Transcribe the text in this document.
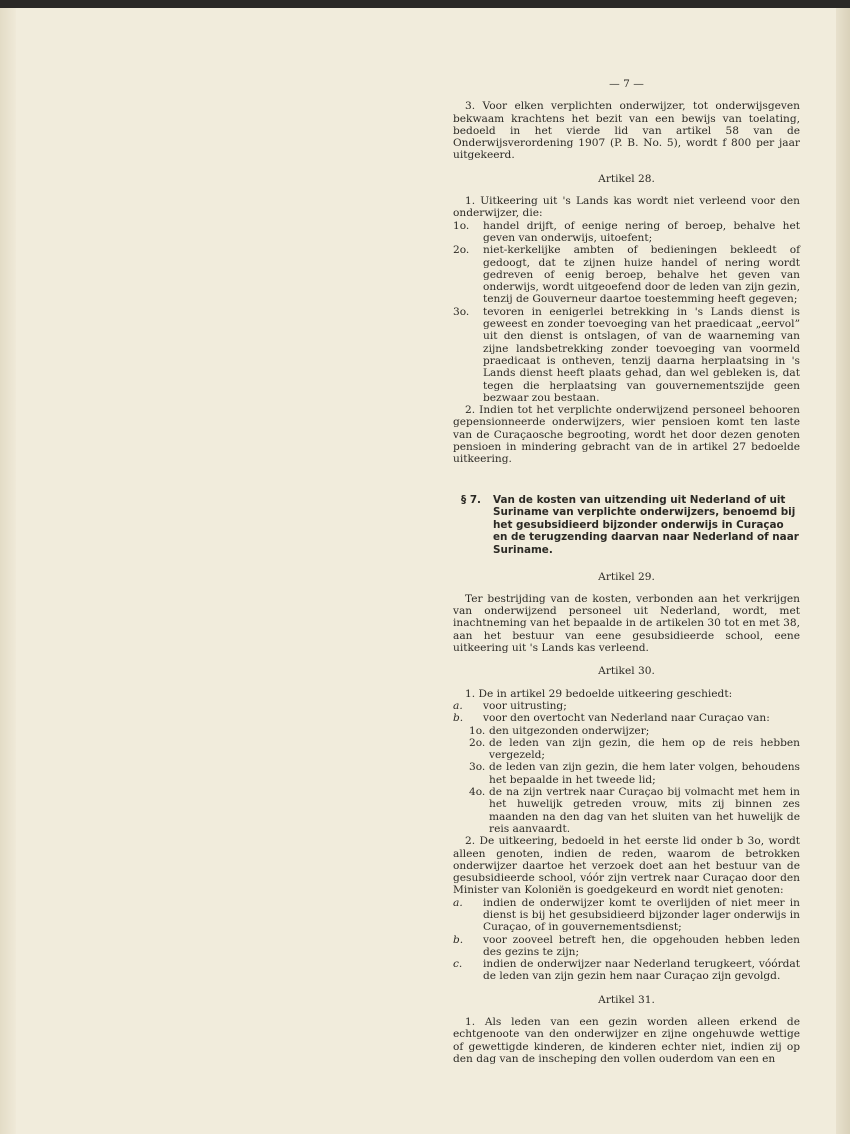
— 7 —

3. Voor elken verplichten onderwijzer, tot onderwijsgeven bekwaam krachtens het bezit van een bewijs van toelating, bedoeld in het vierde lid van artikel 58 van de Onderwijsverordening 1907 (P. B. No. 5), wordt f 800 per jaar uitgekeerd.

Artikel 28.

1. Uitkeering uit 's Lands kas wordt niet verleend voor den onderwijzer, die:

1o.	handel drijft, of eenige nering of beroep, behalve het geven van onderwijs, uitoefent;
2o.	niet-kerkelijke ambten of bedieningen bekleedt of gedoogt, dat te zijnen huize handel of nering wordt gedreven of eenig beroep, behalve het geven van onderwijs, wordt uitgeoefend door de leden van zijn gezin, tenzij de Gouverneur daartoe toestemming heeft gegeven;
3o.	tevoren in eenigerlei betrekking in 's Lands dienst is geweest en zonder toevoeging van het praedicaat „eervol” uit den dienst is ontslagen, of van de waarneming van zijne landsbetrekking zonder toevoeging van voormeld praedicaat is ontheven, tenzij daarna herplaatsing in 's Lands dienst heeft plaats gehad, dan wel gebleken is, dat tegen die herplaatsing van gouvernementszijde geen bezwaar zou bestaan.

2. Indien tot het verplichte onderwijzend personeel behooren gepensionneerde onderwijzers, wier pensioen komt ten laste van de Curaçaosche begrooting, wordt het door dezen genoten pensioen in mindering gebracht van de in artikel 27 bedoelde uitkeering.

§ 7.	Van de kosten van uitzending uit Nederland of uit Suriname van verplichte onderwijzers, benoemd bij het gesubsidieerd bijzonder onderwijs in Curaçao en de terugzending daarvan naar Nederland of naar Suriname.
Artikel 29.

Ter bestrijding van de kosten, verbonden aan het verkrijgen van onderwijzend personeel uit Nederland, wordt, met inachtneming van het bepaalde in de artikelen 30 tot en met 38, aan het bestuur van eene gesubsidieerde school, eene uitkeering uit 's Lands kas verleend.

Artikel 30.

1. De in artikel 29 bedoelde uitkeering geschiedt:

a.	voor uitrusting;
b.	voor den overtocht van Nederland naar Curaçao van:
1o. den uitgezonden onderwijzer;
2o. de leden van zijn gezin, die hem op de reis hebben vergezeld;
3o. de leden van zijn gezin, die hem later volgen, behoudens het bepaalde in het tweede lid;
4o. de na zijn vertrek naar Curaçao bij volmacht met hem in het huwelijk getreden vrouw, mits zij binnen zes maanden na den dag van het sluiten van het huwelijk de reis aanvaardt.

2. De uitkeering, bedoeld in het eerste lid onder b 3o, wordt alleen genoten, indien de reden, waarom de betrokken onderwijzer daartoe het verzoek doet aan het bestuur van de gesubsidieerde school, vóór zijn vertrek naar Curaçao door den Minister van Koloniën is goedgekeurd en wordt niet genoten:

a.	indien de onderwijzer komt te overlijden of niet meer in dienst is bij het gesubsidieerd bijzonder lager onderwijs in Curaçao, of in gouvernementsdienst;
b.	voor zooveel betreft hen, die opgehouden hebben leden des gezins te zijn;
c.	indien de onderwijzer naar Nederland terugkeert, vóórdat de leden van zijn gezin hem naar Curaçao zijn gevolgd.
Artikel 31.

1. Als leden van een gezin worden alleen erkend de echtgenoote van den onderwijzer en zijne ongehuwde wettige of gewettigde kinderen, de kinderen echter niet, indien zij op den dag van de inscheping den vollen ouderdom van een en
